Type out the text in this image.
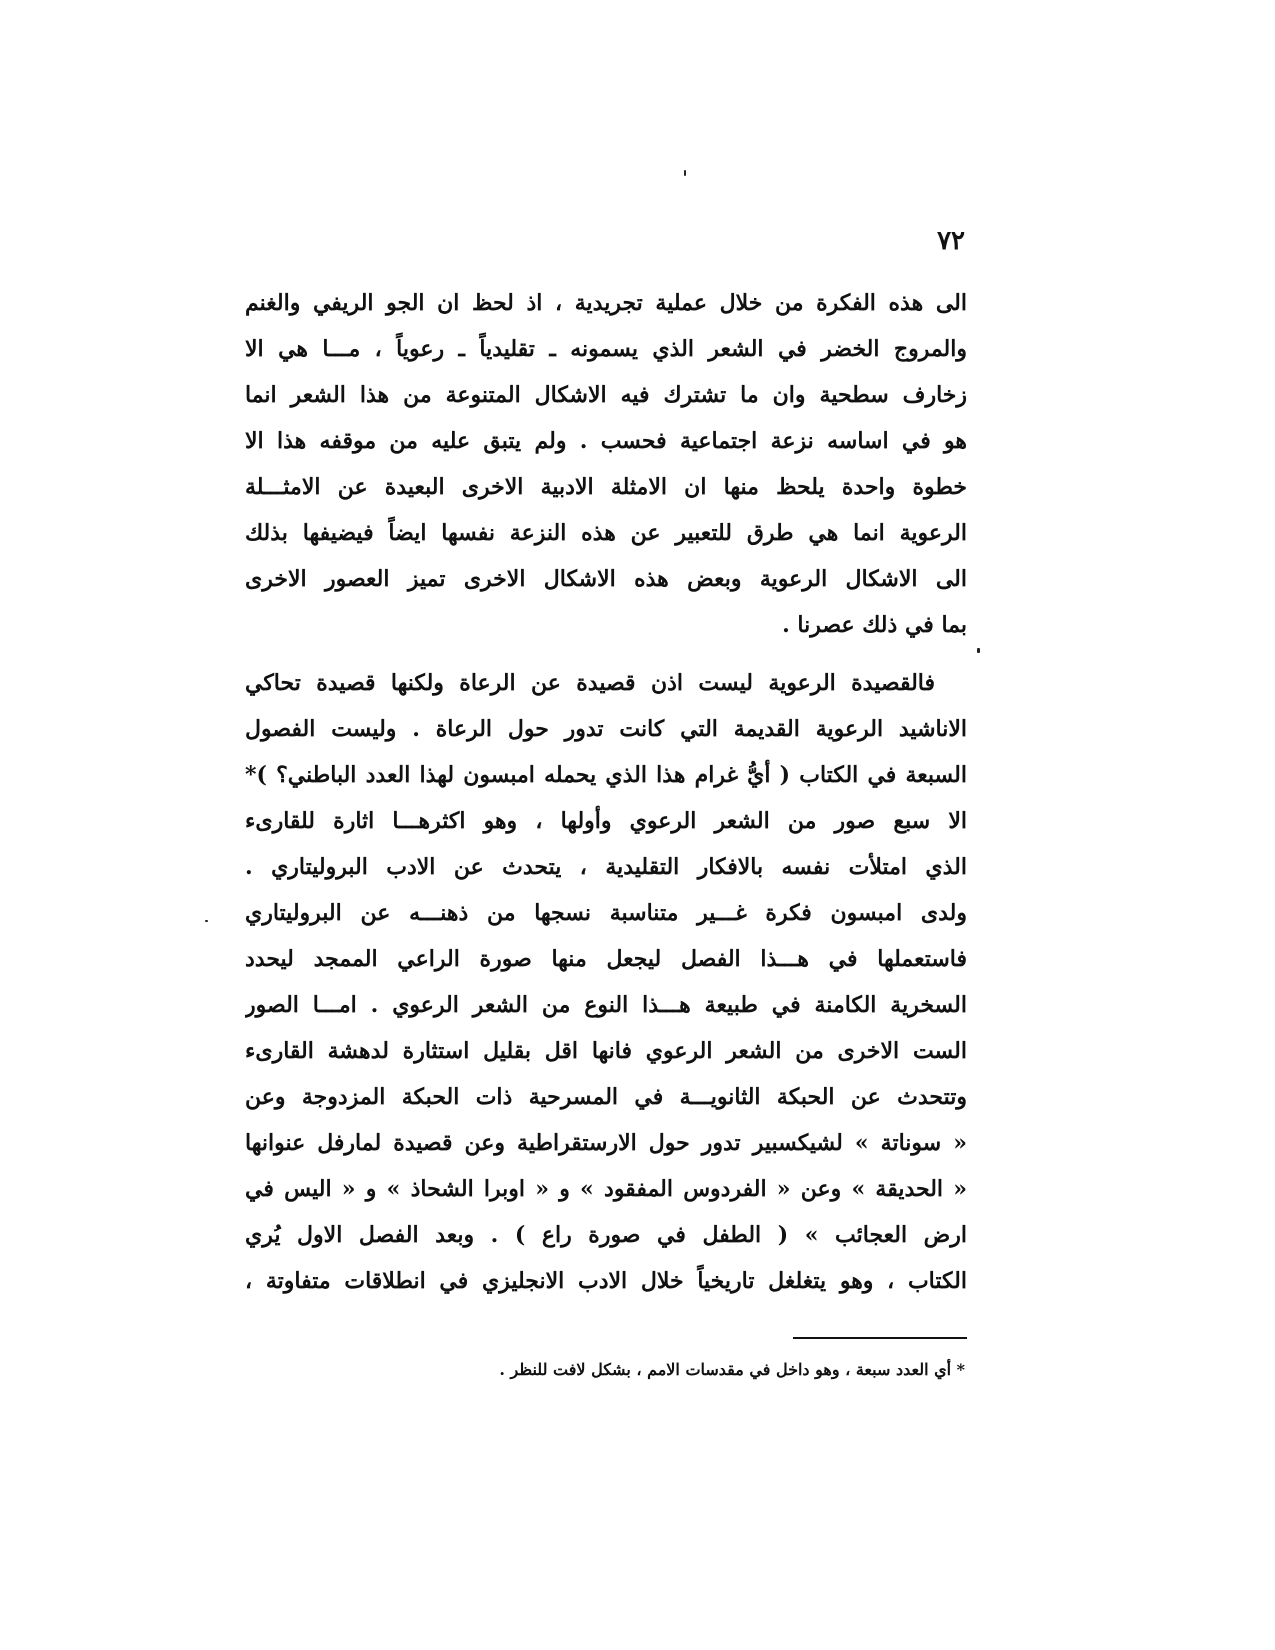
٧٢
الى هذه الفكرة من خلال عملية تجريدية ، اذ لحظ ان الجو الريفي والغنم
والمروج الخضر في الشعر الذي يسمونه ـ تقليدياً ـ رعوياً ، مـــا هي الا
زخارف سطحية وان ما تشترك فيه الاشكال المتنوعة من هذا الشعر انما
هو في اساسه نزعة اجتماعية فحسب . ولم يتبق عليه من موقفه هذا الا
خطوة واحدة يلحظ منها ان الامثلة الادبية الاخرى البعيدة عن الامثـــلة
الرعوية انما هي طرق للتعبير عن هذه النزعة نفسها ايضاً فيضيفها بذلك
الى الاشكال الرعوية وبعض هذه الاشكال الاخرى تميز العصور الاخرى
بما في ذلك عصرنا .
فالقصيدة الرعوية ليست اذن قصيدة عن الرعاة ولكنها قصيدة تحاكي
الاناشيد الرعوية القديمة التي كانت تدور حول الرعاة . وليست الفصول
السبعة في الكتاب ( أيُّ غرام هذا الذي يحمله امبسون لهذا العدد الباطني؟ )*
الا سبع صور من الشعر الرعوي وأولها ، وهو اكثرهـــا اثارة للقارىء
الذي امتلأت نفسه بالافكار التقليدية ، يتحدث عن الادب البروليتاري .
ولدى امبسون فكرة غـــير متناسبة نسجها من ذهنـــه عن البروليتاري
فاستعملها في هـــذا الفصل ليجعل منها صورة الراعي الممجد ليحدد
السخرية الكامنة في طبيعة هـــذا النوع من الشعر الرعوي . امـــا الصور
الست الاخرى من الشعر الرعوي فانها اقل بقليل استثارة لدهشة القارىء
وتتحدث عن الحبكة الثانويـــة في المسرحية ذات الحبكة المزدوجة وعن
« سوناتة » لشيكسبير تدور حول الارستقراطية وعن قصيدة لمارفل عنوانها
« الحديقة » وعن « الفردوس المفقود » و « اوبرا الشحاذ » و « اليس في
ارض العجائب » ( الطفل في صورة راع ) . وبعد الفصل الاول يُري
الكتاب ، وهو يتغلغل تاريخياً خلال الادب الانجليزي في انطلاقات متفاوتة ،
* أي العدد سبعة ، وهو داخل في مقدسات الامم ، بشكل لافت للنظر .
